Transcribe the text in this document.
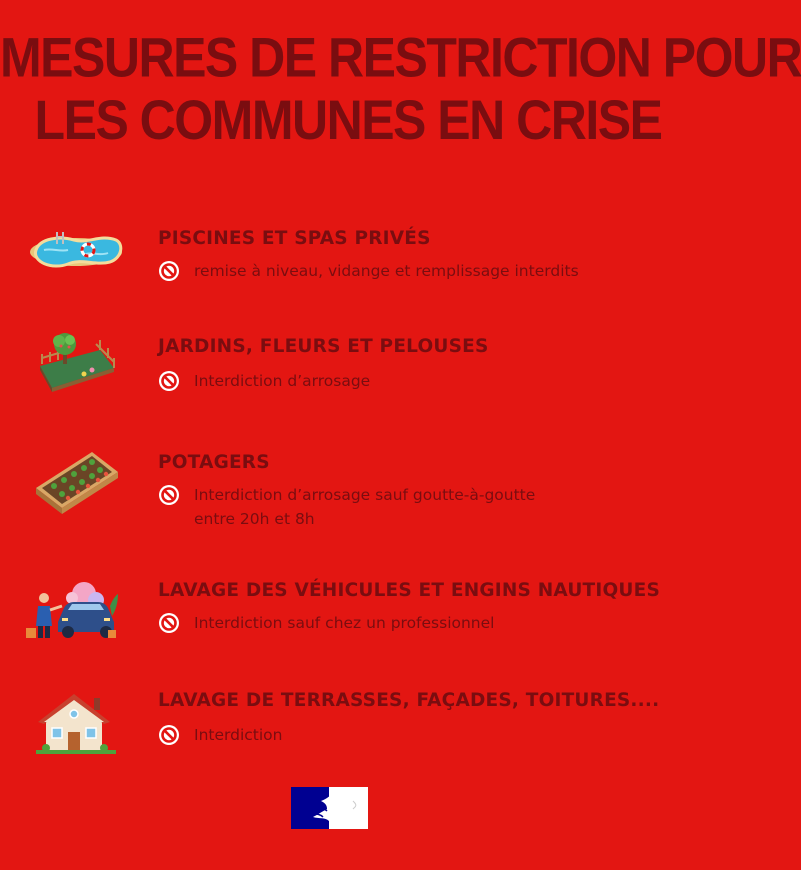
MESURES DE RESTRICTION POUR
LES COMMUNES EN CRISE
PISCINES ET SPAS PRIVÉS
remise à niveau, vidange et remplissage interdits
JARDINS, FLEURS ET PELOUSES
Interdiction d’arrosage
POTAGERS
Interdiction d’arrosage sauf goutte-à-goutte
entre 20h et 8h
LAVAGE DES VÉHICULES ET ENGINS NAUTIQUES
Interdiction sauf chez un professionnel
LAVAGE DE TERRASSES, FAÇADES, TOITURES....
Interdiction
